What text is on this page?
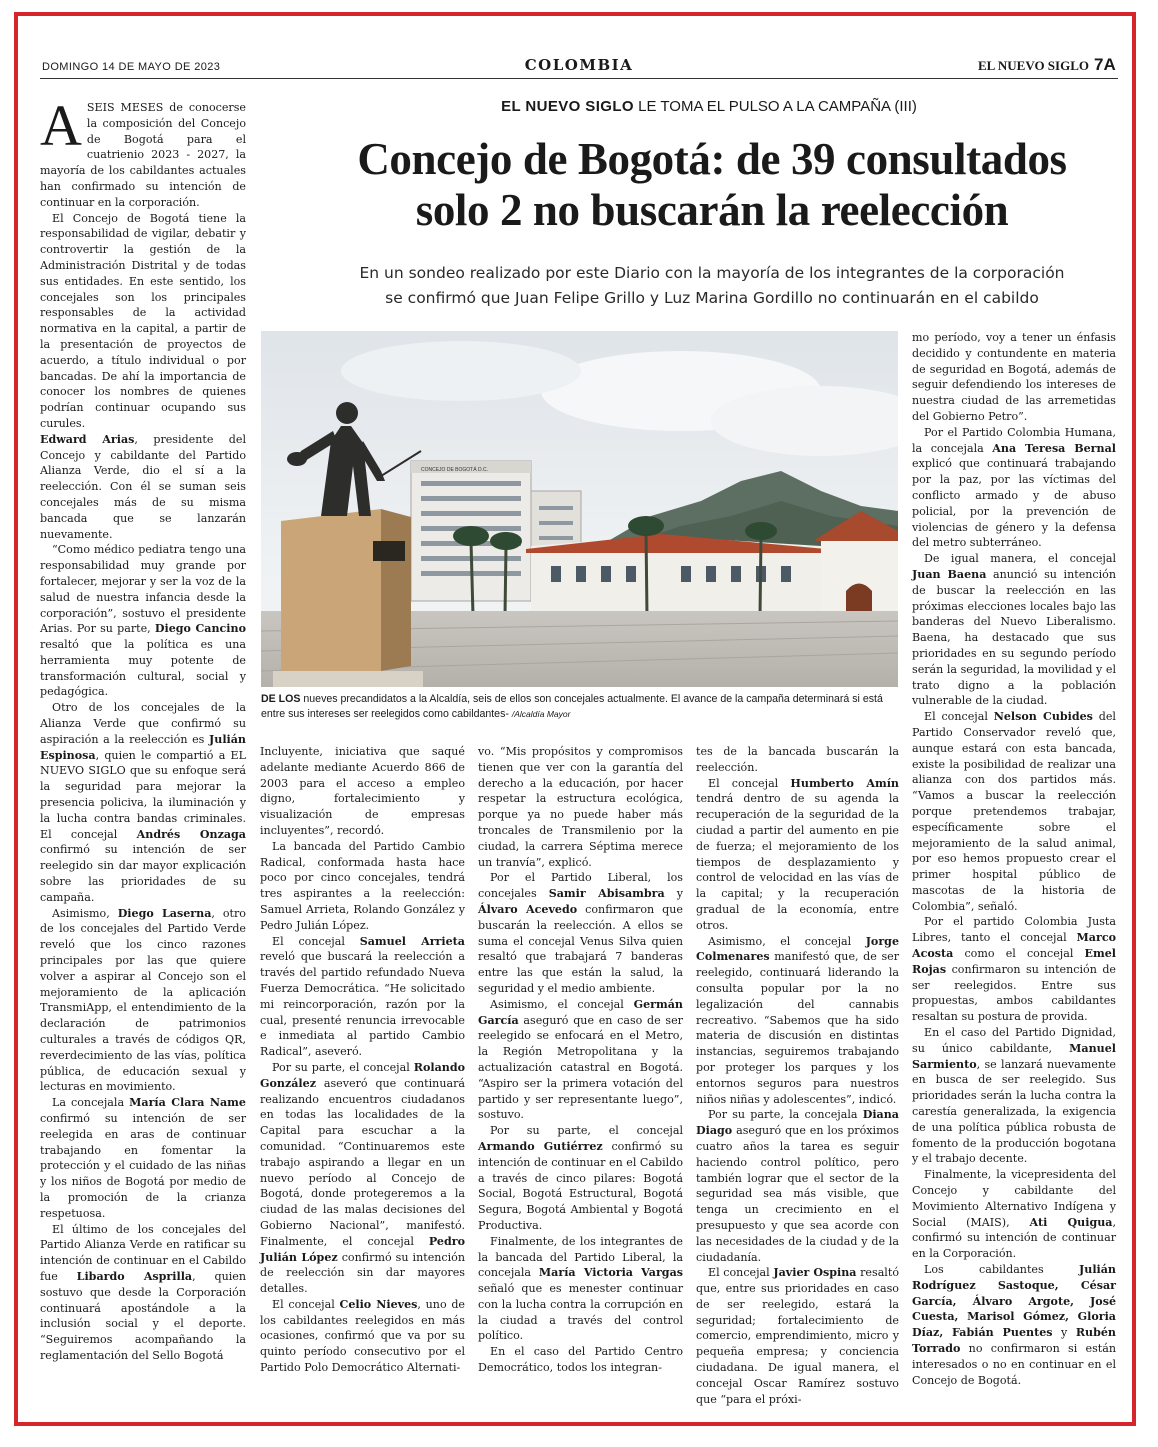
DOMINGO 14 DE MAYO DE 2023	COLOMBIA	EL NUEVO SIGLO 7A
EL NUEVO SIGLO LE TOMA EL PULSO A LA CAMPAÑA (III)
Concejo de Bogotá: de 39 consultados
solo 2 no buscarán la reelección
En un sondeo realizado por este Diario con la mayoría de los integrantes de la corporación
se confirmó que Juan Felipe Grillo y Luz Marina Gordillo no continuarán en el cabildo
CONCEJO DE BOGOTÁ D.C.
DE LOS nueves precandidatos a la Alcaldía, seis de ellos son concejales actualmente. El avance de la campaña determinará si está entre sus intereses ser reelegidos como cabildantes- /Alcaldía Mayor

ASEIS MESES de conocerse la composición del Concejo de Bogotá para el cuatrienio 2023 - 2027, la mayoría de los cabildantes actuales han confirmado su intención de continuar en la corporación.

El Concejo de Bogotá tiene la responsabilidad de vigilar, debatir y controvertir la gestión de la Administración Distrital y de todas sus entidades. En este sentido, los concejales son los principales responsables de la actividad normativa en la capital, a partir de la presentación de proyectos de acuerdo, a título individual o por bancadas. De ahí la importancia de conocer los nombres de quienes podrían continuar ocupando sus curules.

Edward Arias, presidente del Concejo y cabildante del Partido Alianza Verde, dio el sí a la reelección. Con él se suman seis concejales más de su misma bancada que se lanzarán nuevamente.

“Como médico pediatra tengo una responsabilidad muy grande por fortalecer, mejorar y ser la voz de la salud de nuestra infancia desde la corporación”, sostuvo el presidente Arias. Por su parte, Diego Cancino resaltó que la política es una herramienta muy potente de transformación cultural, social y pedagógica.

Otro de los concejales de la Alianza Verde que confirmó su aspiración a la reelección es Julián Espinosa, quien le compartió a EL NUEVO SIGLO que su enfoque será la seguridad para mejorar la presencia policiva, la iluminación y la lucha contra bandas criminales. El concejal Andrés Onzaga confirmó su intención de ser reelegido sin dar mayor explicación sobre las prioridades de su campaña.

Asimismo, Diego Laserna, otro de los concejales del Partido Verde reveló que los cinco razones principales por las que quiere volver a aspirar al Concejo son el mejoramiento de la aplicación TransmiApp, el entendimiento de la declaración de patrimonios culturales a través de códigos QR, reverdecimiento de las vías, política pública, de educación sexual y lecturas en movimiento.

La concejala María Clara Name confirmó su intención de ser reelegida en aras de continuar trabajando en fomentar la protección y el cuidado de las niñas y los niños de Bogotá por medio de la promoción de la crianza respetuosa.

El último de los concejales del Partido Alianza Verde en ratificar su intención de continuar en el Cabildo fue Libardo Asprilla, quien sostuvo que desde la Corporación continuará apostándole a la inclusión social y el deporte. “Seguiremos acompañando la reglamentación del Sello Bogotá

Incluyente, iniciativa que saqué adelante mediante Acuerdo 866 de 2003 para el acceso a empleo digno, fortalecimiento y visualización de empresas incluyentes”, recordó.

La bancada del Partido Cambio Radical, conformada hasta hace poco por cinco concejales, tendrá tres aspirantes a la reelección: Samuel Arrieta, Rolando González y Pedro Julián López.

El concejal Samuel Arrieta reveló que buscará la reelección a través del partido refundado Nueva Fuerza Democrática. “He solicitado mi reincorporación, razón por la cual, presenté renuncia irrevocable e inmediata al partido Cambio Radical”, aseveró.

Por su parte, el concejal Rolando González aseveró que continuará realizando encuentros ciudadanos en todas las localidades de la Capital para escuchar a la comunidad. “Continuaremos este trabajo aspirando a llegar en un nuevo período al Concejo de Bogotá, donde protegeremos a la ciudad de las malas decisiones del Gobierno Nacional”, manifestó. Finalmente, el concejal Pedro Julián López confirmó su intención de reelección sin dar mayores detalles.

El concejal Celio Nieves, uno de los cabildantes reelegidos en más ocasiones, confirmó que va por su quinto período consecutivo por el Partido Polo Democrático Alternati-

vo. “Mis propósitos y compromisos tienen que ver con la garantía del derecho a la educación, por hacer respetar la estructura ecológica, porque ya no puede haber más troncales de Transmilenio por la ciudad, la carrera Séptima merece un tranvía”, explicó.

Por el Partido Liberal, los concejales Samir Abisambra y Álvaro Acevedo confirmaron que buscarán la reelección. A ellos se suma el concejal Venus Silva quien resaltó que trabajará 7 banderas entre las que están la salud, la seguridad y el medio ambiente.

Asimismo, el concejal Germán García aseguró que en caso de ser reelegido se enfocará en el Metro, la Región Metropolitana y la actualización catastral en Bogotá. “Aspiro ser la primera votación del partido y ser representante luego”, sostuvo.

Por su parte, el concejal Armando Gutiérrez confirmó su intención de continuar en el Cabildo a través de cinco pilares: Bogotá Social, Bogotá Estructural, Bogotá Segura, Bogotá Ambiental y Bogotá Productiva.

Finalmente, de los integrantes de la bancada del Partido Liberal, la concejala María Victoria Vargas señaló que es menester continuar con la lucha contra la corrupción en la ciudad a través del control político.

En el caso del Partido Centro Democrático, todos los integran-

tes de la bancada buscarán la reelección.

El concejal Humberto Amín tendrá dentro de su agenda la recuperación de la seguridad de la ciudad a partir del aumento en pie de fuerza; el mejoramiento de los tiempos de desplazamiento y control de velocidad en las vías de la capital; y la recuperación gradual de la economía, entre otros.

Asimismo, el concejal Jorge Colmenares manifestó que, de ser reelegido, continuará liderando la consulta popular por la no legalización del cannabis recreativo. “Sabemos que ha sido materia de discusión en distintas instancias, seguiremos trabajando por proteger los parques y los entornos seguros para nuestros niños niñas y adolescentes”, indicó.

Por su parte, la concejala Diana Diago aseguró que en los próximos cuatro años la tarea es seguir haciendo control político, pero también lograr que el sector de la seguridad sea más visible, que tenga un crecimiento en el presupuesto y que sea acorde con las necesidades de la ciudad y de la ciudadanía.

El concejal Javier Ospina resaltó que, entre sus prioridades en caso de ser reelegido, estará la seguridad; fortalecimiento de comercio, emprendimiento, micro y pequeña empresa; y conciencia ciudadana. De igual manera, el concejal Oscar Ramírez sostuvo que “para el próxi-

mo período, voy a tener un énfasis decidido y contundente en materia de seguridad en Bogotá, además de seguir defendiendo los intereses de nuestra ciudad de las arremetidas del Gobierno Petro”.

Por el Partido Colombia Humana, la concejala Ana Teresa Bernal explicó que continuará trabajando por la paz, por las víctimas del conflicto armado y de abuso policial, por la prevención de violencias de género y la defensa del metro subterráneo.

De igual manera, el concejal Juan Baena anunció su intención de buscar la reelección en las próximas elecciones locales bajo las banderas del Nuevo Liberalismo. Baena, ha destacado que sus prioridades en su segundo período serán la seguridad, la movilidad y el trato digno a la población vulnerable de la ciudad.

El concejal Nelson Cubides del Partido Conservador reveló que, aunque estará con esta bancada, existe la posibilidad de realizar una alianza con dos partidos más. “Vamos a buscar la reelección porque pretendemos trabajar, específicamente sobre el mejoramiento de la salud animal, por eso hemos propuesto crear el primer hospital público de mascotas de la historia de Colombia”, señaló.

Por el partido Colombia Justa Libres, tanto el concejal Marco Acosta como el concejal Emel Rojas confirmaron su intención de ser reelegidos. Entre sus propuestas, ambos cabildantes resaltan su postura de provida.

En el caso del Partido Dignidad, su único cabildante, Manuel Sarmiento, se lanzará nuevamente en busca de ser reelegido. Sus prioridades serán la lucha contra la carestía generalizada, la exigencia de una política pública robusta de fomento de la producción bogotana y el trabajo decente.

Finalmente, la vicepresidenta del Concejo y cabildante del Movimiento Alternativo Indígena y Social (MAIS), Ati Quigua, confirmó su intención de continuar en la Corporación.

Los cabildantes Julián Rodríguez Sastoque, César García, Álvaro Argote, José Cuesta, Marisol Gómez, Gloria Díaz, Fabián Puentes y Rubén Torrado no confirmaron si están interesados o no en continuar en el Concejo de Bogotá.
